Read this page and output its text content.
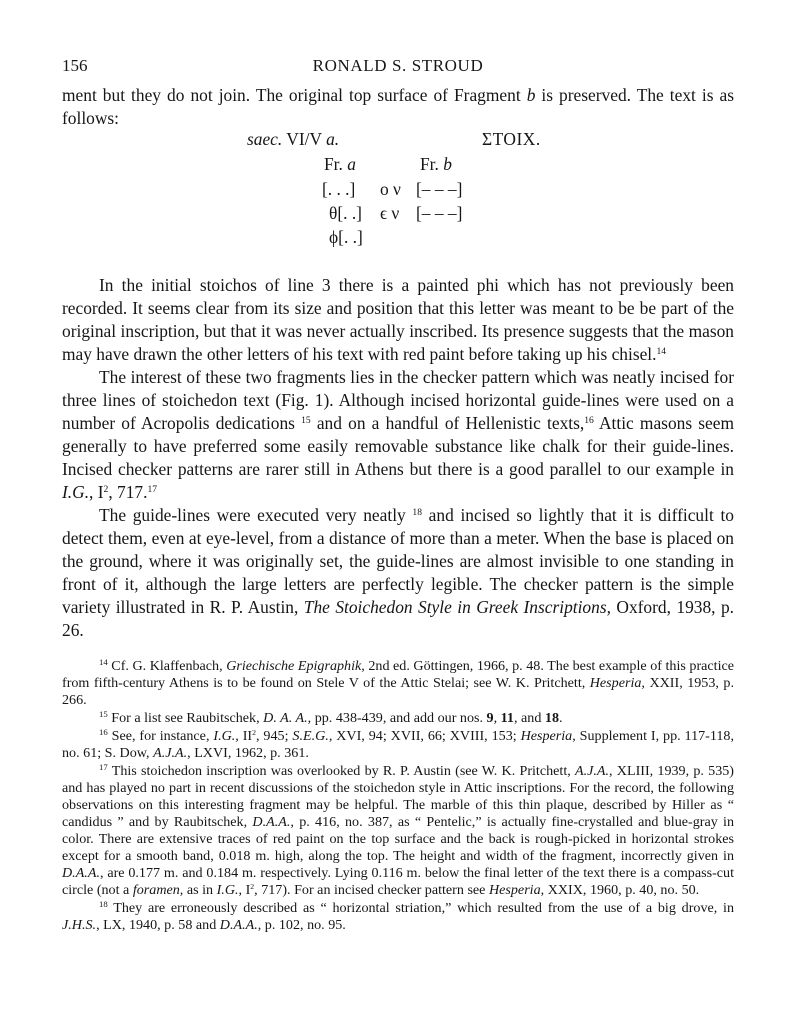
156	RONALD S. STROUD

ment but they do not join. The original top surface of Fragment b is preserved. The text is as follows:

saec. VI/V a.	ΣΤΟΙΧ.
Fr. a	Fr. b
[. . .] ο ν [– – –]
θ[. .] ϵ ν [– – –]
ϕ[. .]

In the initial stoichos of line 3 there is a painted phi which has not previously been recorded. It seems clear from its size and position that this letter was meant to be be part of the original inscription, but that it was never actually inscribed. Its presence suggests that the mason may have drawn the other letters of his text with red paint before taking up his chisel.$^{14}$

The interest of these two fragments lies in the checker pattern which was neatly incised for three lines of stoichedon text (Fig. 1). Although incised horizontal guide-lines were used on a number of Acropolis dedications $^{15}$ and on a handful of Hellenistic texts,$^{16}$ Attic masons seem generally to have preferred some easily removable substance like chalk for their guide-lines. Incised checker patterns are rarer still in Athens but there is a good parallel to our example in I.G., $I^2$, 717.17

The guide-lines were executed very neatly $^{18}$ and incised so lightly that it is difficult to detect them, even at eye-level, from a distance of more than a meter. When the base is placed on the ground, where it was originally set, the guide-lines are almost invisible to one standing in front of it, although the large letters are perfectly legible. The checker pattern is the simple variety illustrated in R. P. Austin, The Stoichedon Style in Greek Inscriptions, Oxford, 1938, p. 26.

$^{14}$ Cf. G. Klaffenbach, Griechische Epigraphik, 2nd ed. Göttingen, 1966, p. 48. The best example of this practice from fifth-century Athens is to be found on Stele V of the Attic Stelai; see W. K. Pritchett, Hesperia, XXII, 1953, p. 266.

$^{15}$ For a list see Raubitschek, D. A. A., pp. 438-439, and add our nos. 9, 11, and 18.

$^{16}$ See, for instance, I.G., $II^2$, 945; S.E.G., XVI, 94; XVII, 66; XVIII, 153; Hesperia, Supplement I, pp. 117-118, no. 61; S. Dow, A.J.A., LXVI, 1962, p. 361.

$^{17}$ This stoichedon inscription was overlooked by R. P. Austin (see W. K. Pritchett, A.J.A., XLIII, 1939, p. 535) and has played no part in recent discussions of the stoichedon style in Attic inscriptions. For the record, the following observations on this interesting fragment may be helpful. The marble of this thin plaque, described by Hiller as “ candidus ” and by Raubitschek, D.A.A., p. 416, no. 387, as “ Pentelic,” is actually fine-crystalled and blue-gray in color. There are extensive traces of red paint on the top surface and the back is rough-picked in horizontal strokes except for a smooth band, 0.018 m. high, along the top. The height and width of the fragment, incorrectly given in D.A.A., are 0.177 m. and 0.184 m. respectively. Lying 0.116 m. below the final letter of the text there is a compass-cut circle (not a foramen, as in I.G., $I^2$, 717). For an incised checker pattern see Hesperia, XXIX, 1960, p. 40, no. 50.

$^{18}$ They are erroneously described as “ horizontal striation,” which resulted from the use of a big drove, in J.H.S., LX, 1940, p. 58 and D.A.A., p. 102, no. 95.
